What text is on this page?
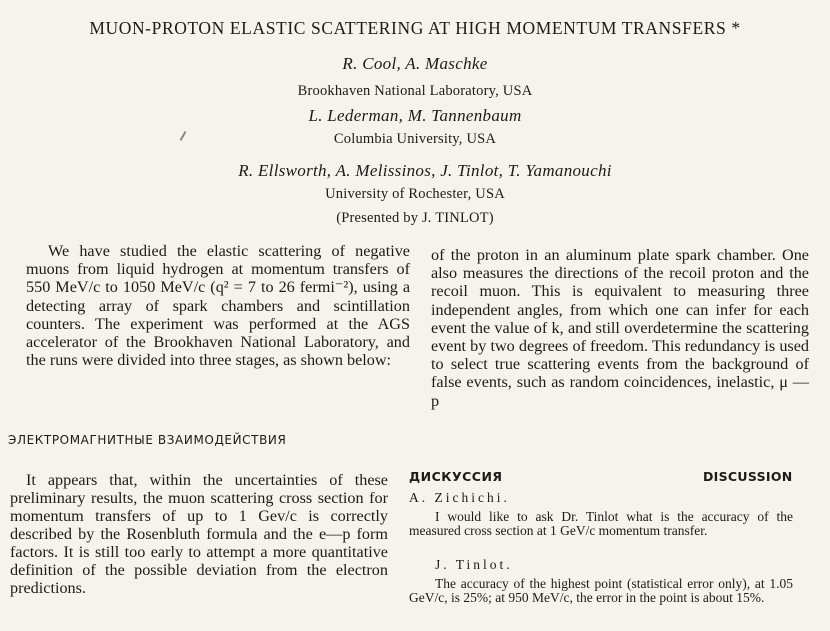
MUON-PROTON ELASTIC SCATTERING AT HIGH MOMENTUM TRANSFERS *
R. Cool, A. Maschke
Brookhaven National Laboratory, USA
L. Lederman, M. Tannenbaum
Columbia University, USA
R. Ellsworth, A. Melissinos, J. Tinlot, T. Yamanouchi
University of Rochester, USA
(Presented by J. TINLOT)

We have studied the elastic scattering of negative muons from liquid hydrogen at momentum transfers of 550 MeV/c to 1050 MeV/c (q² = 7 to 26 fermi⁻²), using a detecting array of spark chambers and scintillation counters. The experiment was performed at the AGS accelerator of the Brookhaven National Laboratory, and the runs were divided into three stages, as shown below:

of the proton in an aluminum plate spark chamber. One also measures the directions of the recoil proton and the recoil muon. This is equivalent to measuring three independent angles, from which one can infer for each event the value of k, and still overdetermine the scattering event by two degrees of freedom. This redundancy is used to select true scattering events from the background of false events, such as random coincidences, inelastic, μ — p

ЭЛЕКТРОМАГНИТНЫЕ ВЗАИМОДЕЙСТВИЯ

It appears that, within the uncertainties of these preliminary results, the muon scattering cross section for momentum transfers of up to 1 Gev/c is correctly described by the Rosenbluth formula and the e—p form factors. It is still too early to attempt a more quantitative definition of the possible deviation from the electron predictions.

ДИСКУССИЯ	DISCUSSION
A. Zichichi.

I would like to ask Dr. Tinlot what is the accuracy of the measured cross section at 1 GeV/c momentum transfer.

J. Tinlot.

The accuracy of the highest point (statistical error only), at 1.05 GeV/c, is 25%; at 950 MeV/c, the error in the point is about 15%.
